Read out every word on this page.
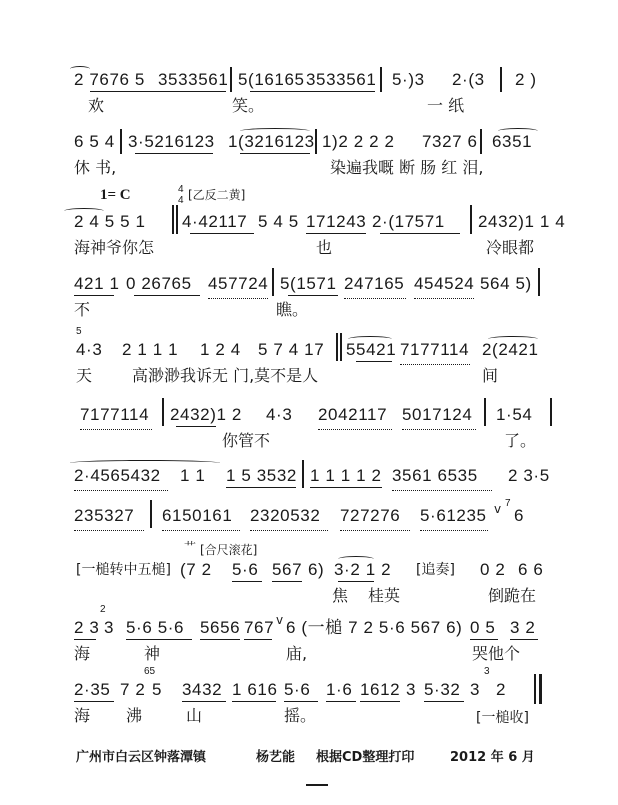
2 7676 5 3533561 5(16165 3533561 5·)3 2·(3 2 )
欢	笑。	一 纸
6 5 4 3·5216123 1(3216123 1)2 2 2 2 7327 6 6351
休 书,	染遍我嘅 断 肠 红 泪,
1= C	4
4 [乙反二黄]
2 4 5 5 1 4·42117 5 4 5 171243 2·(17571 2432)1 1 4
海神爷你怎	也	冷眼都
421 1 0 26765 457724 5(1571 247165 454524 564 5)
不	瞧。
5
4·3 2 1 1 1 1 2 4 5 7 4 17 55421 7177114 2(2421
天 高渺渺我诉无 门,莫不是人	间
7177114 2432)1 2 4·3 2042117 5017124 1·54
你管不	了。
2·4565432 1 1 1 5 3532 1 1 1 1 2 3561 6535 2 3·5
235327 6150161 2320532 727276 5·61235 v 7
6
艹 [合尺滚花]
[一槌转中五槌] (7 2 5·6 567 6) 3·2 1 2 [追奏] 0 2 6 6
焦 桂英	倒跪在
2
2 3 3 5·6 5·6 5656 767 v 6 (一槌 7 2 5·6 567 6) 0 5 3 2
海	神	庙,	哭他个
65	3
2·35 7 2 5 3432 1 616 5·6 1·6 1612 3 5·32 3 2
海 沸	山	摇。	[一槌收]
广州市白云区钟落潭镇	杨艺能 根据CD整理打印	2012 年 6 月
